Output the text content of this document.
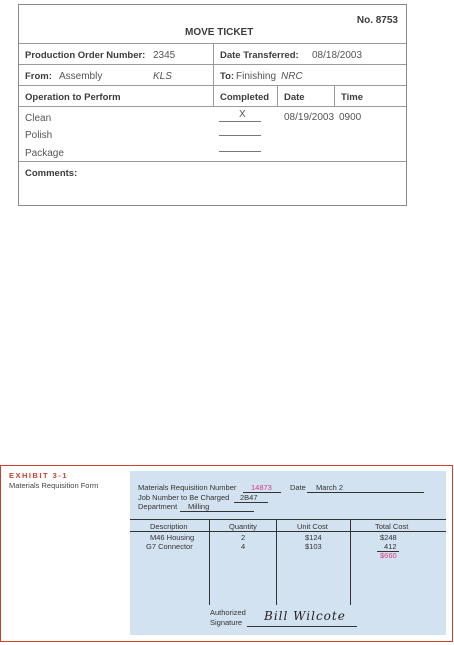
MOVE TICKET
No. 8753
Production Order Number: 2345	Date Transferred: 08/18/2003
From: Assembly	KLS	To: Finishing NRC
Operation to Perform	Completed Date	Time
Clean	X	08/19/2003 0900
Polish
Package
Comments:
EXHIBIT 3-1
Materials Requisition Form	Materials Requisition Number 14873 Date March 2
Job Number to Be Charged 2B47
Department Milling
Description	Quantity	Unit Cost	Total Cost
M46 Housing	2	$124	$248
G7 Connector	4	$103	412
$660
Authorized
Signature Bill Wilcote
